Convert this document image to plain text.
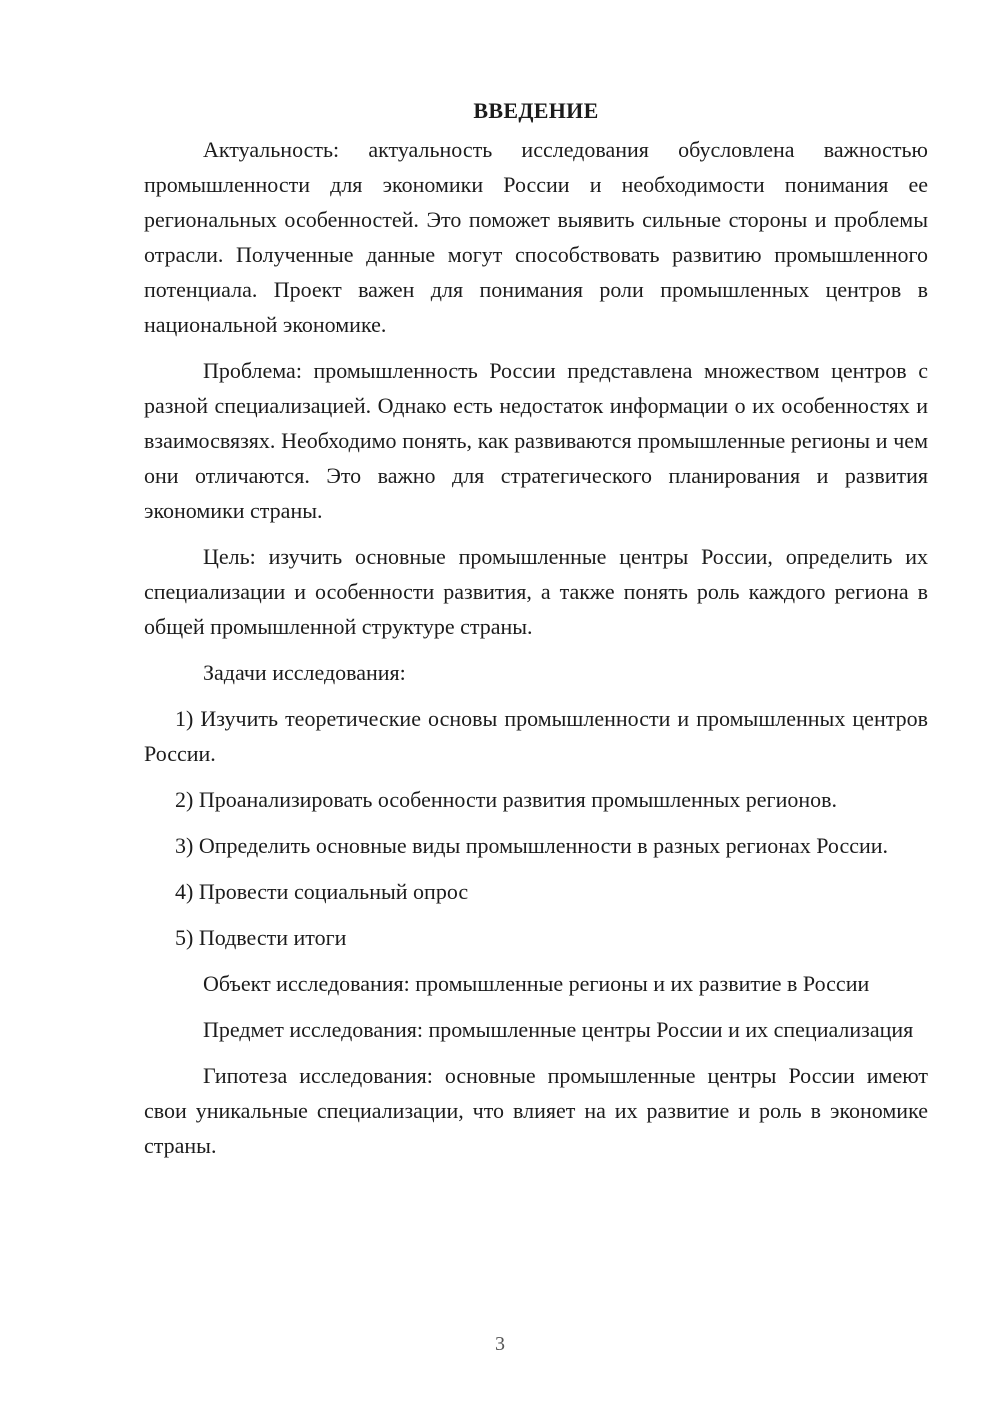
ВВЕДЕНИЕ

Актуальность: актуальность исследования обусловлена важностью промышленности для экономики России и необходимости понимания ее региональных особенностей. Это поможет выявить сильные стороны и проблемы отрасли. Полученные данные могут способствовать развитию промышленного потенциала. Проект важен для понимания роли промышленных центров в национальной экономике.

Проблема: промышленность России представлена множеством центров с разной специализацией. Однако есть недостаток информации о их особенностях и взаимосвязях. Необходимо понять, как развиваются промышленные регионы и чем они отличаются. Это важно для стратегического планирования и развития экономики страны.

Цель: изучить основные промышленные центры России, определить их специализации и особенности развития, а также понять роль каждого региона в общей промышленной структуре страны.

Задачи исследования:

1) Изучить теоретические основы промышленности и промышленных центров России.

2) Проанализировать особенности развития промышленных регионов.

3) Определить основные виды промышленности в разных регионах России.

4) Провести социальный опрос

5) Подвести итоги

Объект исследования: промышленные регионы и их развитие в России

Предмет исследования: промышленные центры России и их специализация

Гипотеза исследования: основные промышленные центры России имеют свои уникальные специализации, что влияет на их развитие и роль в экономике страны.

3
